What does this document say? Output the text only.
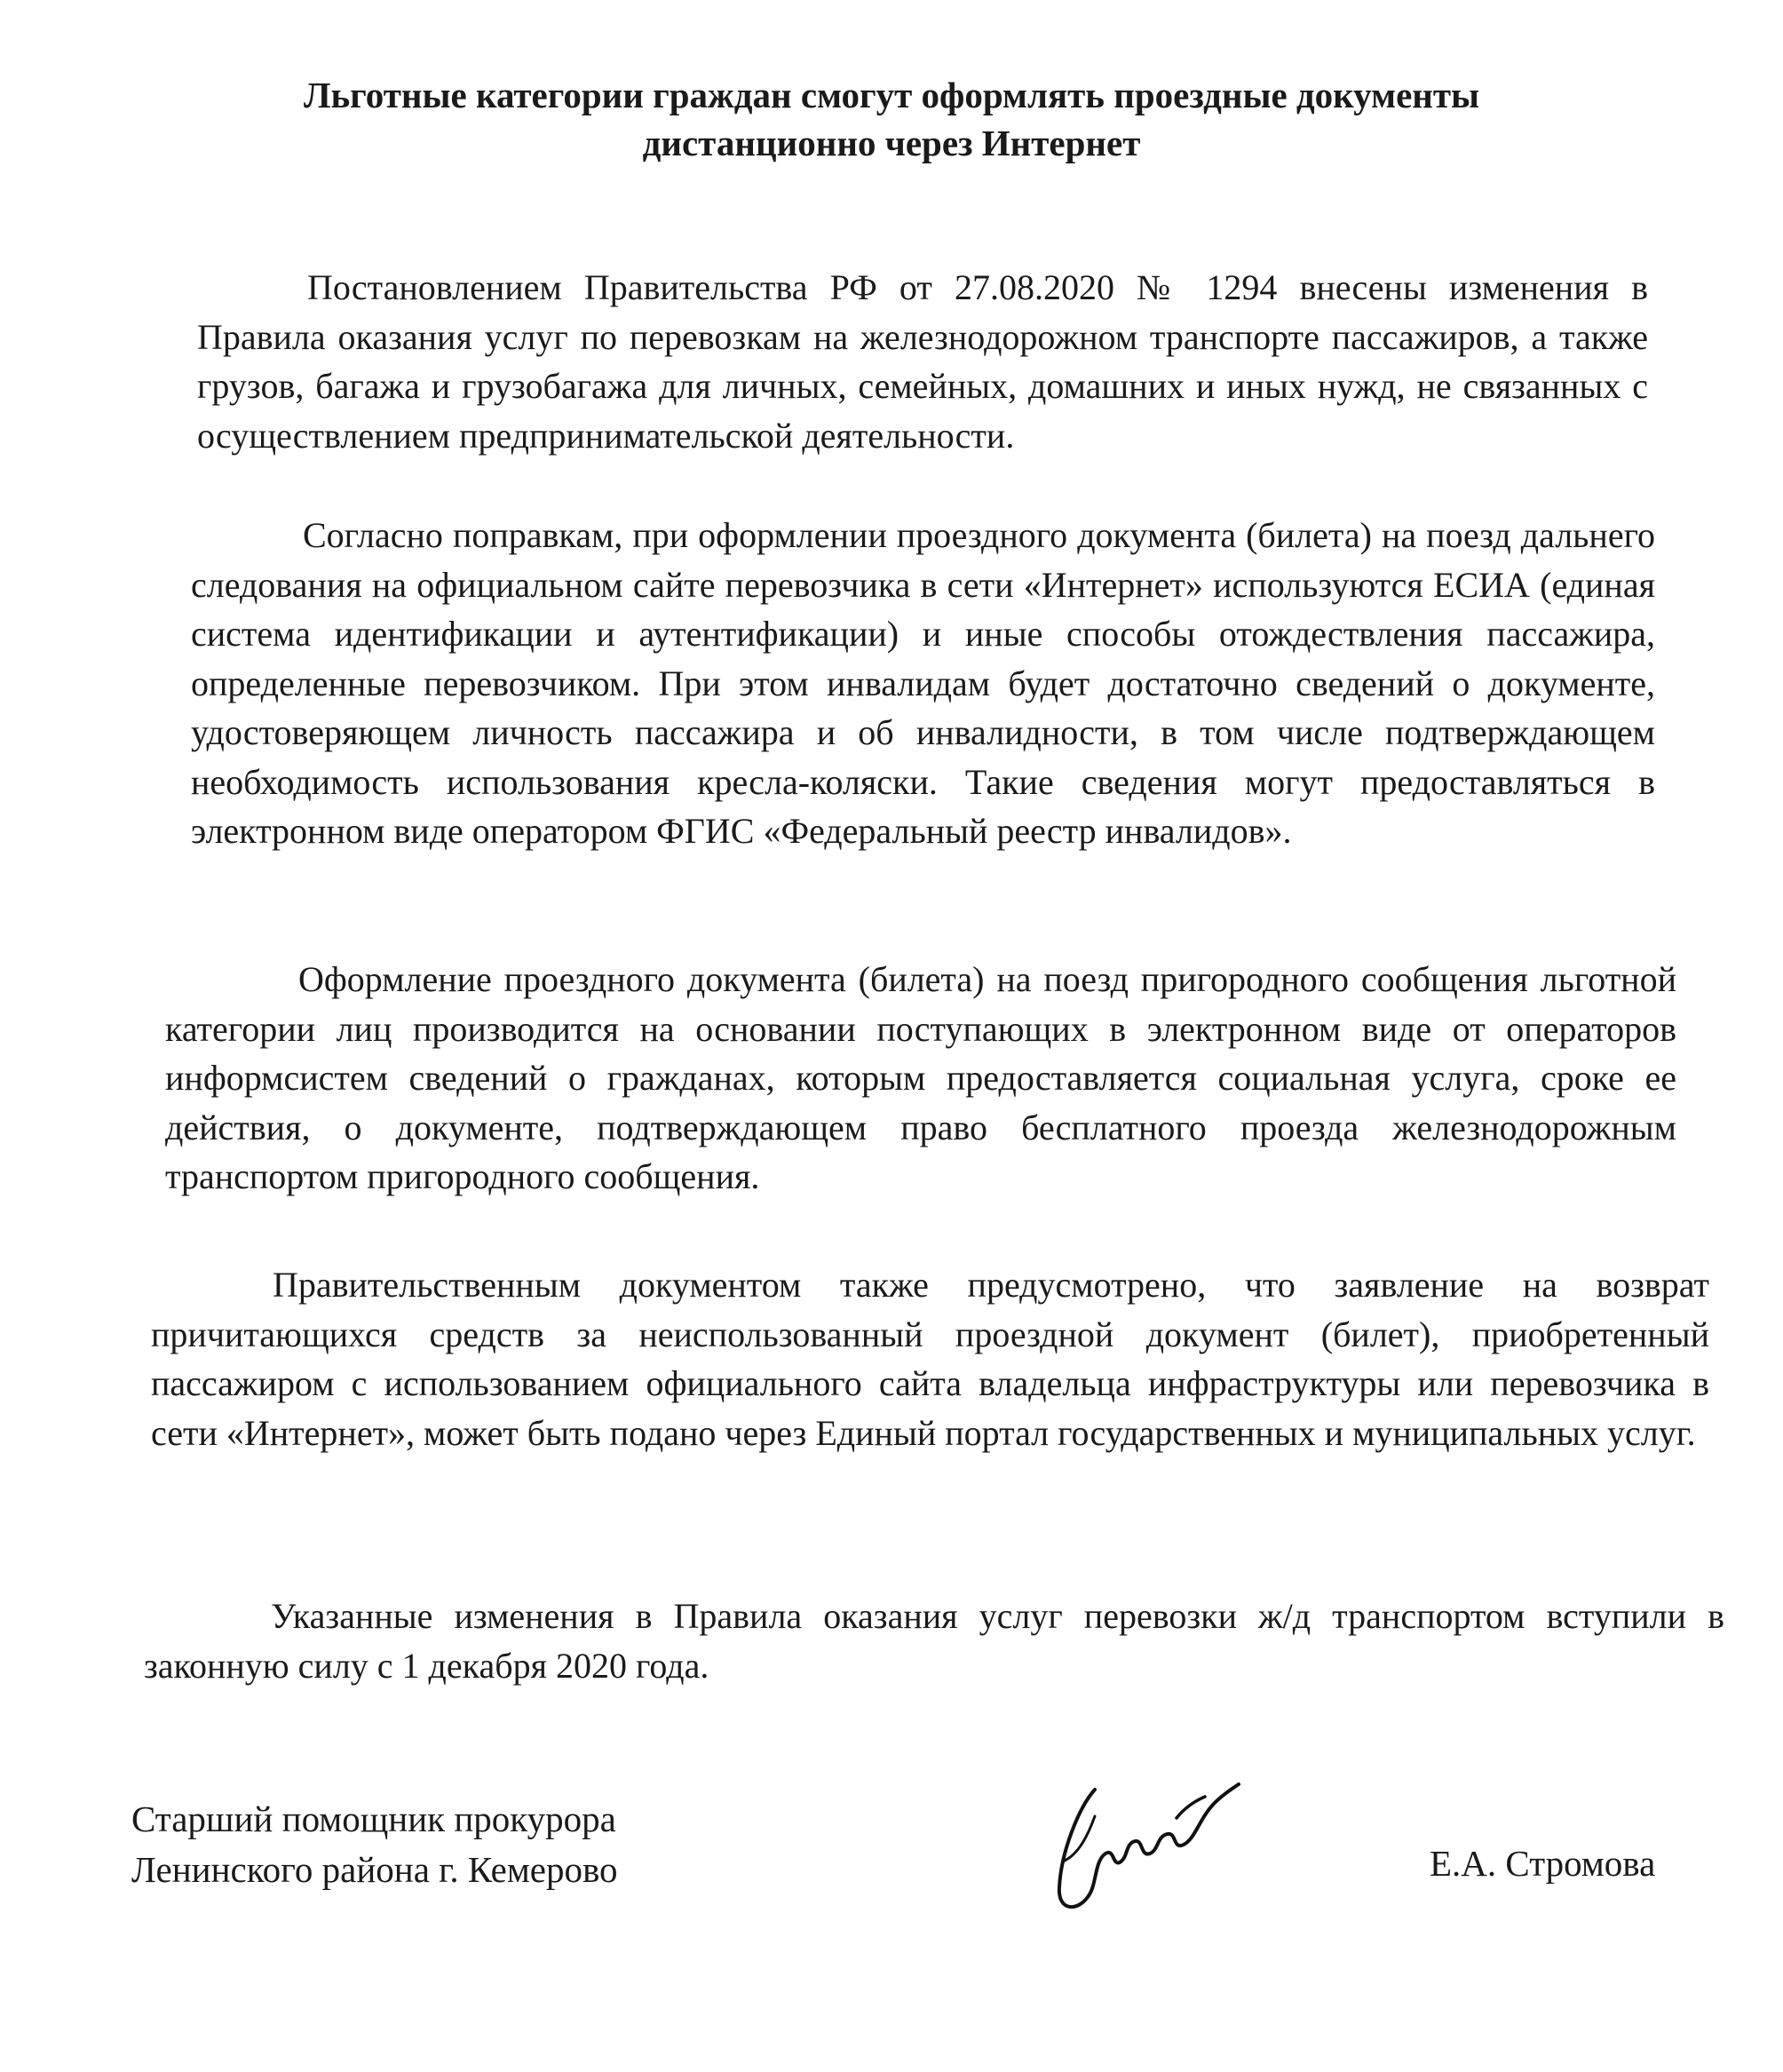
Льготные категории граждан смогут оформлять проездные документы
дистанционно через Интернет

Постановлением Правительства РФ от 27.08.2020 № 1294 внесены изменения в Правила оказания услуг по перевозкам на железнодорожном транспорте пассажиров, а также грузов, багажа и грузобагажа для личных, семейных, домашних и иных нужд, не связанных с осуществлением предпринимательской деятельности.

Согласно поправкам, при оформлении проездного документа (билета) на поезд дальнего следования на официальном сайте перевозчика в сети «Интернет» используются ЕСИА (единая система идентификации и аутентификации) и иные способы отождествления пассажира, определенные перевозчиком. При этом инвалидам будет достаточно сведений о документе, удостоверяющем личность пассажира и об инвалидности, в том числе подтверждающем необходимость использования кресла-коляски. Такие сведения могут предоставляться в электронном виде оператором ФГИС «Федеральный реестр инвалидов».

Оформление проездного документа (билета) на поезд пригородного сообщения льготной категории лиц производится на основании поступающих в электронном виде от операторов информсистем сведений о гражданах, которым предоставляется социальная услуга, сроке ее действия, о документе, подтверждающем право бесплатного проезда железнодорожным транспортом пригородного сообщения.

Правительственным документом также предусмотрено, что заявление на возврат причитающихся средств за неиспользованный проездной документ (билет), приобретенный пассажиром с использованием официального сайта владельца инфраструктуры или перевозчика в сети «Интернет», может быть подано через Единый портал государственных и муниципальных услуг.

Указанные изменения в Правила оказания услуг перевозки ж/д транспортом вступили в законную силу с 1 декабря 2020 года.

Старший помощник прокурора
Ленинского района г. Кемерово	Е.А. Стромова
